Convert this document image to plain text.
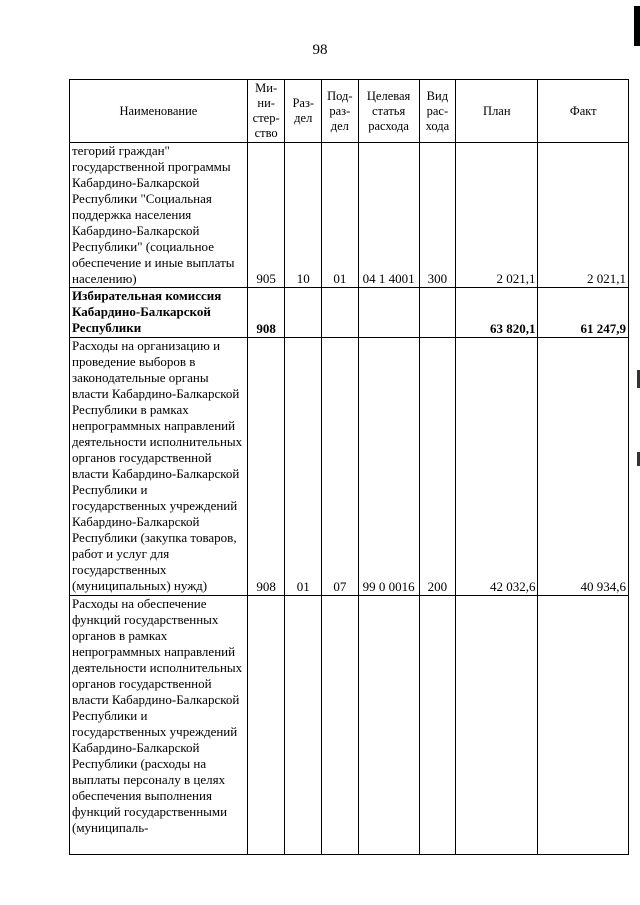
98
Наименование	Ми-ни-стер-ство	Раз-дел	Под-раз-дел	Целевая статья расхода	Вид рас-хода	План	Факт
тегорий граждан" государственной программы Кабардино-Балкарской Республики "Социальная поддержка населения Кабардино-Балкарской Республики" (социальное обеспечение и иные выплаты населению)	905	10	01	04 1 4001	300	2 021,1	2 021,1
Избирательная комиссия Кабардино-Балкарской Республики	908					63 820,1	61 247,9
Расходы на организацию и проведение выборов в законодательные органы власти Кабардино-Балкарской Республики в рамках непрограммных направлений деятельности исполнительных органов государственной власти Кабардино-Балкарской Республики и государственных учреждений Кабардино-Балкарской Республики (закупка товаров, работ и услуг для государственных (муниципальных) нужд)	908	01	07	99 0 0016	200	42 032,6	40 934,6
Расходы на обеспечение функций государственных органов в рамках непрограммных направлений деятельности исполнительных органов государственной власти Кабардино-Балкарской Республики и государственных учреждений Кабардино-Балкарской Республики (расходы на выплаты персоналу в целях обеспечения выполнения функций государственными (муниципаль-							
